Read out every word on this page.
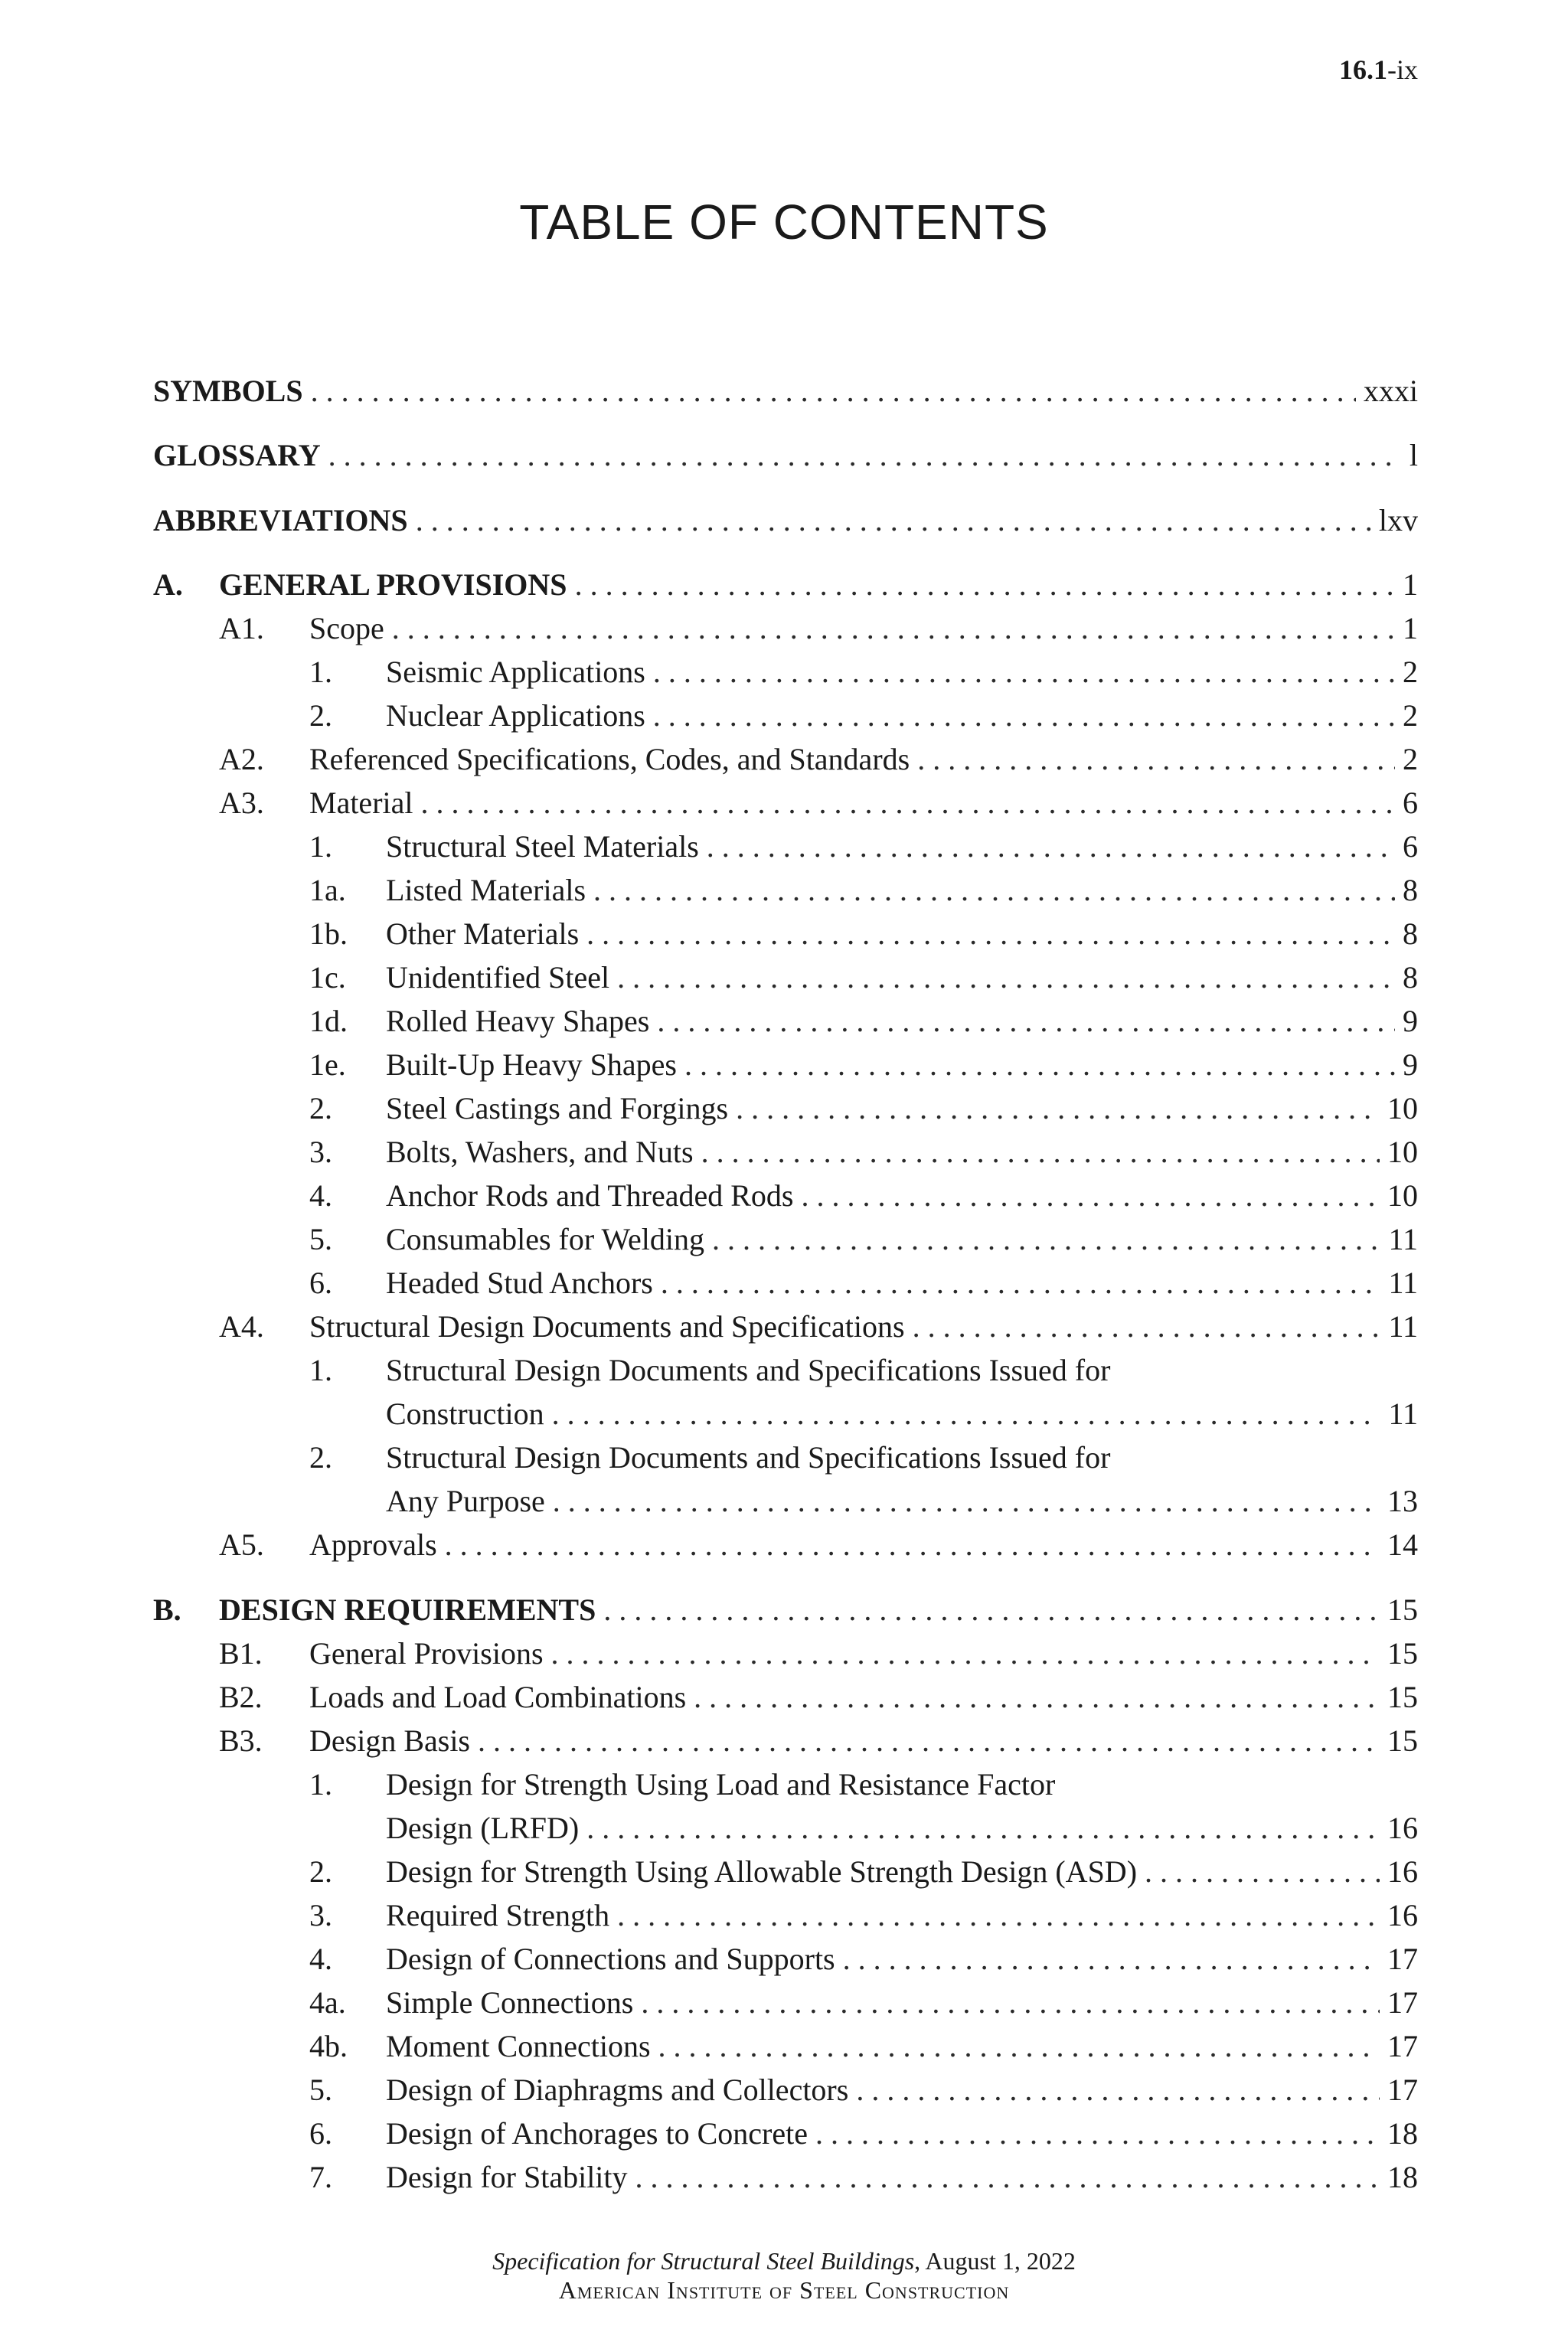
16.1-ix
TABLE OF CONTENTS
SYMBOLS . . .	xxxi
GLOSSARY . . .	l
ABBREVIATIONS . . .	lxv
A.	GENERAL PROVISIONS . . .	1
A1.	Scope . . .	1
1.	Seismic Applications . . .	2
2.	Nuclear Applications . . .	2
A2.	Referenced Specifications, Codes, and Standards . . .	2
A3.	Material . . .	6
1.	Structural Steel Materials . . .	6
1a.	Listed Materials . . .	8
1b.	Other Materials . . .	8
1c.	Unidentified Steel . . .	8
1d.	Rolled Heavy Shapes . . .	9
1e.	Built-Up Heavy Shapes . . .	9
2.	Steel Castings and Forgings . . .	10
3.	Bolts, Washers, and Nuts . . .	10
4.	Anchor Rods and Threaded Rods . . .	10
5.	Consumables for Welding . . .	11
6.	Headed Stud Anchors . . .	11
A4.	Structural Design Documents and Specifications . . .	11
1.	Structural Design Documents and Specifications Issued for
Construction . . .	11
2.	Structural Design Documents and Specifications Issued for
Any Purpose . . .	13
A5.	Approvals . . .	14
B.	DESIGN REQUIREMENTS . . .	15
B1.	General Provisions . . .	15
B2.	Loads and Load Combinations . . .	15
B3.	Design Basis . . .	15
1.	Design for Strength Using Load and Resistance Factor
Design (LRFD) . . .	16
2.	Design for Strength Using Allowable Strength Design (ASD) . . .	16
3.	Required Strength . . .	16
4.	Design of Connections and Supports . . .	17
4a.	Simple Connections . . .	17
4b.	Moment Connections . . .	17
5.	Design of Diaphragms and Collectors . . .	17
6.	Design of Anchorages to Concrete . . .	18
7.	Design for Stability . . .	18
Specification for Structural Steel Buildings, August 1, 2022
American Institute of Steel Construction
